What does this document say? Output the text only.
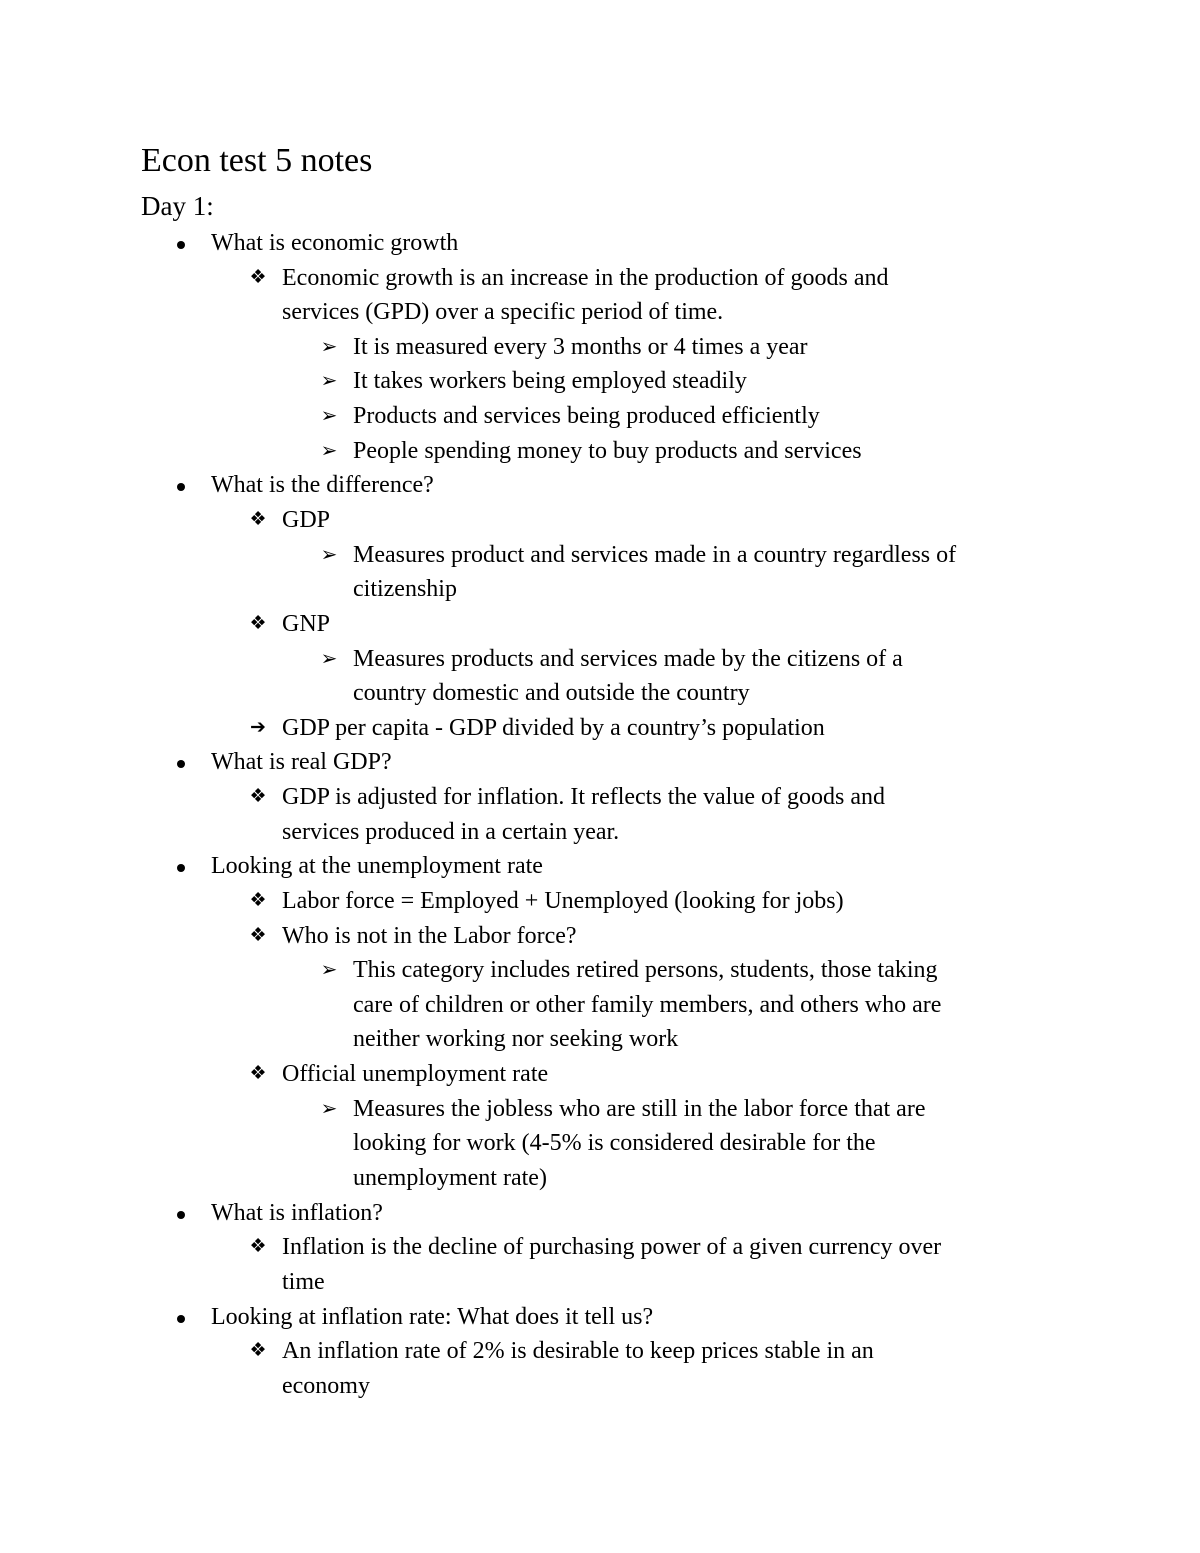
Econ test 5 notes
Day 1:
What is economic growth
❖ Economic growth is an increase in the production of goods and
services (GPD) over a specific period of time.
➢ It is measured every 3 months or 4 times a year
➢ It takes workers being employed steadily
➢ Products and services being produced efficiently
➢ People spending money to buy products and services
What is the difference?
❖ GDP
➢ Measures product and services made in a country regardless of
citizenship
❖ GNP
➢ Measures products and services made by the citizens of a
country domestic and outside the country
➔ GDP per capita - GDP divided by a country’s population
What is real GDP?
❖ GDP is adjusted for inflation. It reflects the value of goods and
services produced in a certain year.
Looking at the unemployment rate
❖ Labor force = Employed + Unemployed (looking for jobs)
❖ Who is not in the Labor force?
➢ This category includes retired persons, students, those taking
care of children or other family members, and others who are
neither working nor seeking work
❖ Official unemployment rate
➢ Measures the jobless who are still in the labor force that are
looking for work (4-5% is considered desirable for the
unemployment rate)
What is inflation?
❖ Inflation is the decline of purchasing power of a given currency over
time
Looking at inflation rate: What does it tell us?
❖ An inflation rate of 2% is desirable to keep prices stable in an
economy
